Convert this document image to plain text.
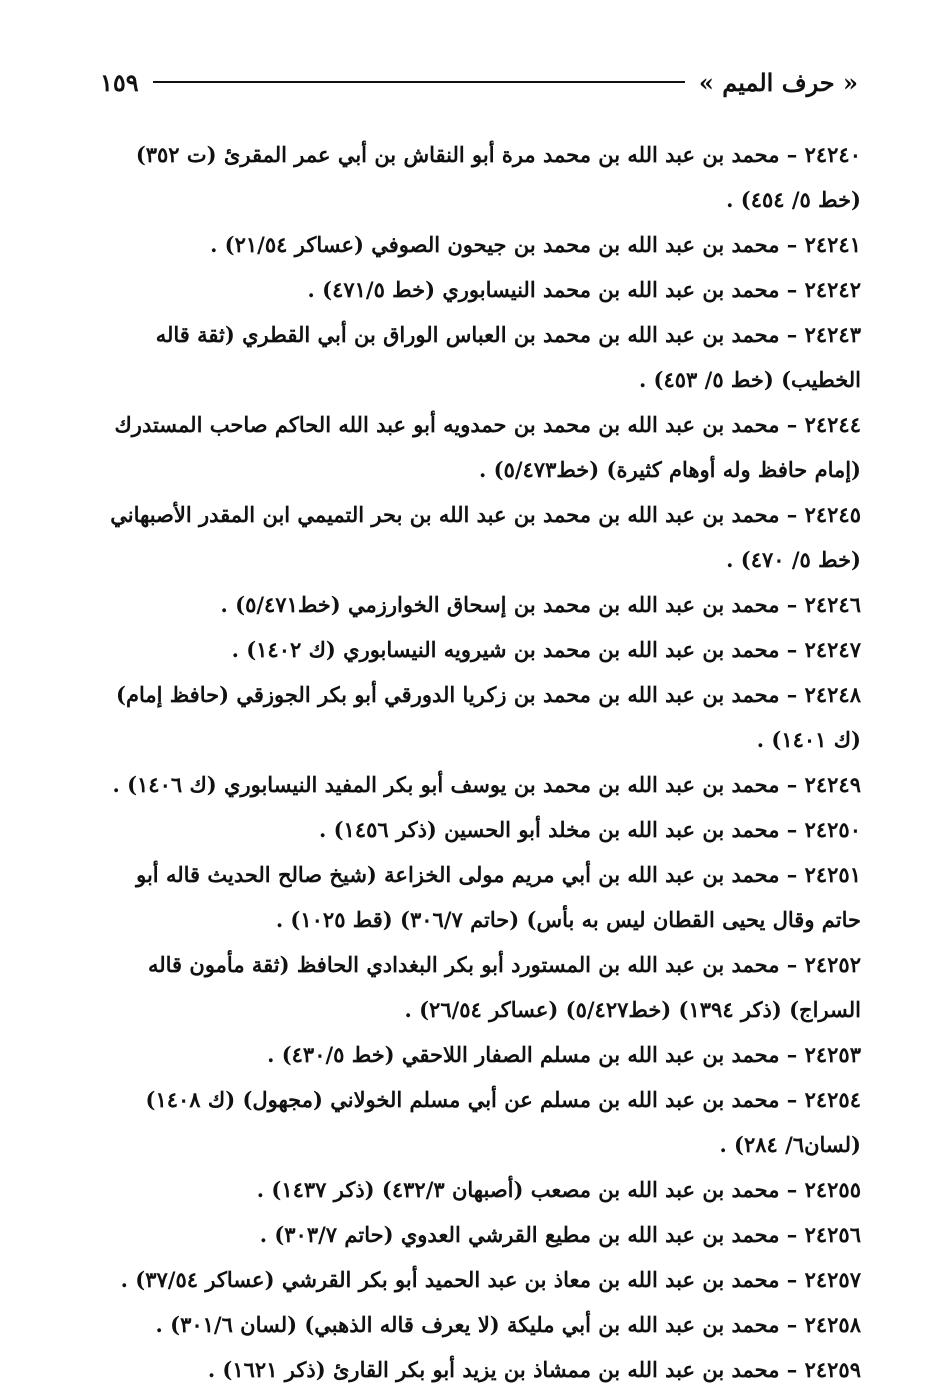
« حرف الميم »
١٥٩

٢٤٢٤٠ – محمد بن عبد الله بن محمد مرة أبو النقاش بن أبي عمر المقرئ (ت ٣٥٢) (خط ٥/ ٤٥٤) .

٢٤٢٤١ – محمد بن عبد الله بن محمد بن جيحون الصوفي (عساكر ٢١/٥٤) .

٢٤٢٤٢ – محمد بن عبد الله بن محمد النيسابوري (خط ٤٧١/٥) .

٢٤٢٤٣ – محمد بن عبد الله بن محمد بن العباس الوراق بن أبي القطري (ثقة قاله الخطيب) (خط ٥/ ٤٥٣) .

٢٤٢٤٤ – محمد بن عبد الله بن محمد بن حمدويه أبو عبد الله الحاكم صاحب المستدرك (إمام حافظ وله أوهام كثيرة) (خط٥/٤٧٣) .

٢٤٢٤٥ – محمد بن عبد الله بن محمد بن عبد الله بن بحر التميمي ابن المقدر الأصبهاني (خط ٥/ ٤٧٠) .

٢٤٢٤٦ – محمد بن عبد الله بن محمد بن إسحاق الخوارزمي (خط٥/٤٧١) .

٢٤٢٤٧ – محمد بن عبد الله بن محمد بن شيرويه النيسابوري (ك ١٤٠٢) .

٢٤٢٤٨ – محمد بن عبد الله بن محمد بن زكريا الدورقي أبو بكر الجوزقي (حافظ إمام) (ك ١٤٠١) .

٢٤٢٤٩ – محمد بن عبد الله بن محمد بن يوسف أبو بكر المفيد النيسابوري (ك ١٤٠٦) .

٢٤٢٥٠ – محمد بن عبد الله بن مخلد أبو الحسين (ذكر ١٤٥٦) .

٢٤٢٥١ – محمد بن عبد الله بن أبي مريم مولى الخزاعة (شيخ صالح الحديث قاله أبو حاتم وقال يحيى القطان ليس به بأس) (حاتم ٣٠٦/٧) (قط ١٠٢٥) .

٢٤٢٥٢ – محمد بن عبد الله بن المستورد أبو بكر البغدادي الحافظ (ثقة مأمون قاله السراج) (ذكر ١٣٩٤) (خط٥/٤٢٧) (عساكر ٢٦/٥٤) .

٢٤٢٥٣ – محمد بن عبد الله بن مسلم الصفار اللاحقي (خط ٤٣٠/٥) .

٢٤٢٥٤ – محمد بن عبد الله بن مسلم عن أبي مسلم الخولاني (مجهول) (ك ١٤٠٨) (لسان٦/ ٢٨٤) .

٢٤٢٥٥ – محمد بن عبد الله بن مصعب (أصبهان ٤٣٢/٣) (ذكر ١٤٣٧) .

٢٤٢٥٦ – محمد بن عبد الله بن مطيع القرشي العدوي (حاتم ٣٠٣/٧) .

٢٤٢٥٧ – محمد بن عبد الله بن معاذ بن عبد الحميد أبو بكر القرشي (عساكر ٣٧/٥٤) .

٢٤٢٥٨ – محمد بن عبد الله بن أبي مليكة (لا يعرف قاله الذهبي) (لسان ٣٠١/٦) .

٢٤٢٥٩ – محمد بن عبد الله بن ممشاذ بن يزيد أبو بكر القارئ (ذكر ١٦٢١) .
